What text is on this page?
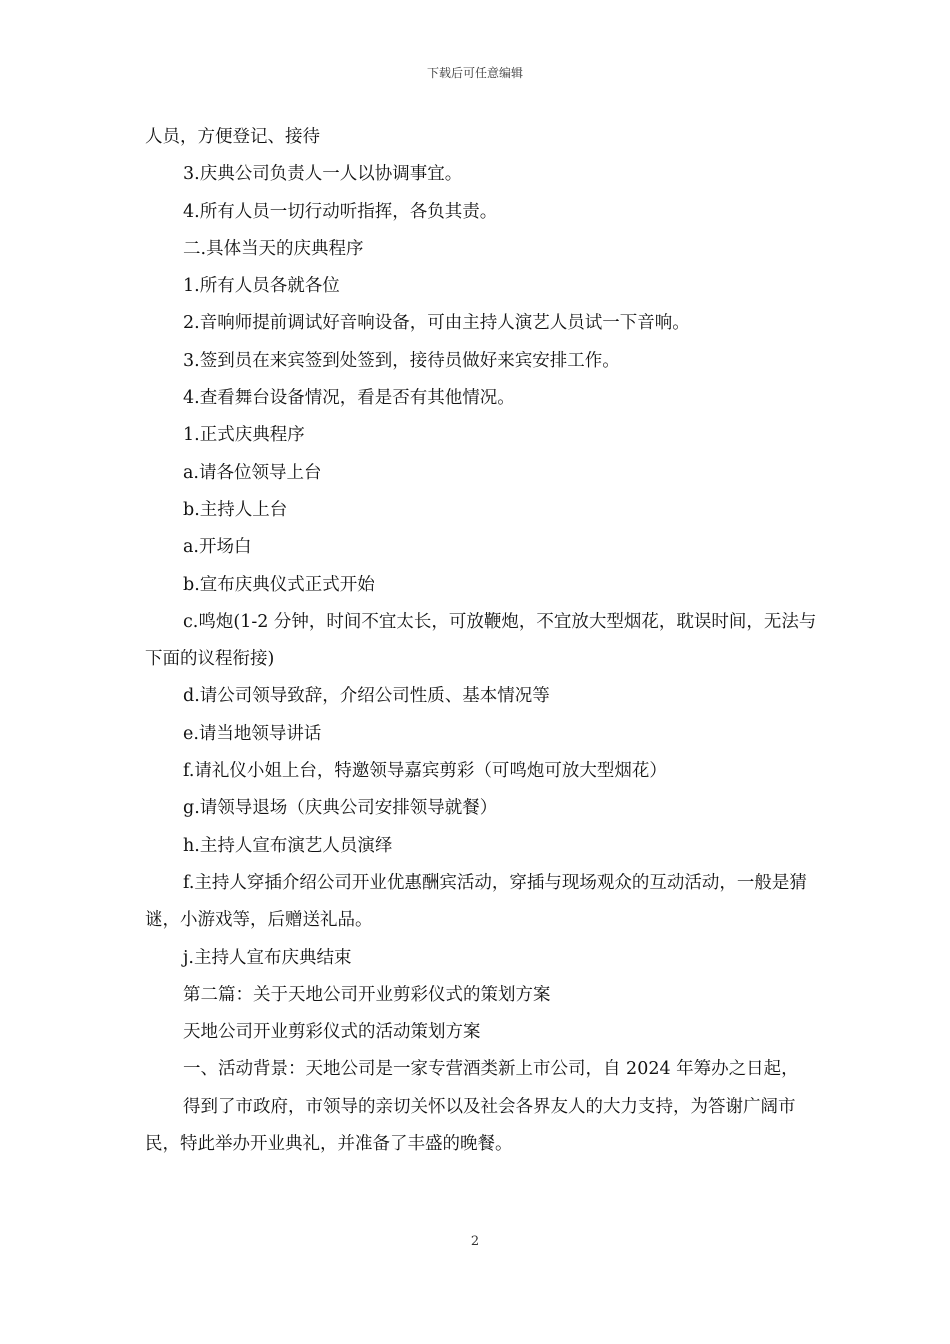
下载后可任意编辑

人员，方便登记、接待

3.庆典公司负责人一人以协调事宜。

4.所有人员一切行动听指挥，各负其责。

二.具体当天的庆典程序

1.所有人员各就各位

2.音响师提前调试好音响设备，可由主持人演艺人员试一下音响。

3.签到员在来宾签到处签到，接待员做好来宾安排工作。

4.查看舞台设备情况，看是否有其他情况。

1.正式庆典程序

a.请各位领导上台

b.主持人上台

a.开场白

b.宣布庆典仪式正式开始

c.鸣炮(1-2 分钟，时间不宜太长，可放鞭炮，不宜放大型烟花，耽误时间，无法与下面的议程衔接)

d.请公司领导致辞，介绍公司性质、基本情况等

e.请当地领导讲话

f.请礼仪小姐上台，特邀领导嘉宾剪彩（可鸣炮可放大型烟花）

g.请领导退场（庆典公司安排领导就餐）

h.主持人宣布演艺人员演绎

f.主持人穿插介绍公司开业优惠酬宾活动，穿插与现场观众的互动活动，一般是猜谜，小游戏等，后赠送礼品。

j.主持人宣布庆典结束

第二篇：关于天地公司开业剪彩仪式的策划方案

天地公司开业剪彩仪式的活动策划方案

一、活动背景：天地公司是一家专营酒类新上市公司，自 2024 年筹办之日起，

得到了市政府，市领导的亲切关怀以及社会各界友人的大力支持，为答谢广阔市民，特此举办开业典礼，并准备了丰盛的晚餐。

2
